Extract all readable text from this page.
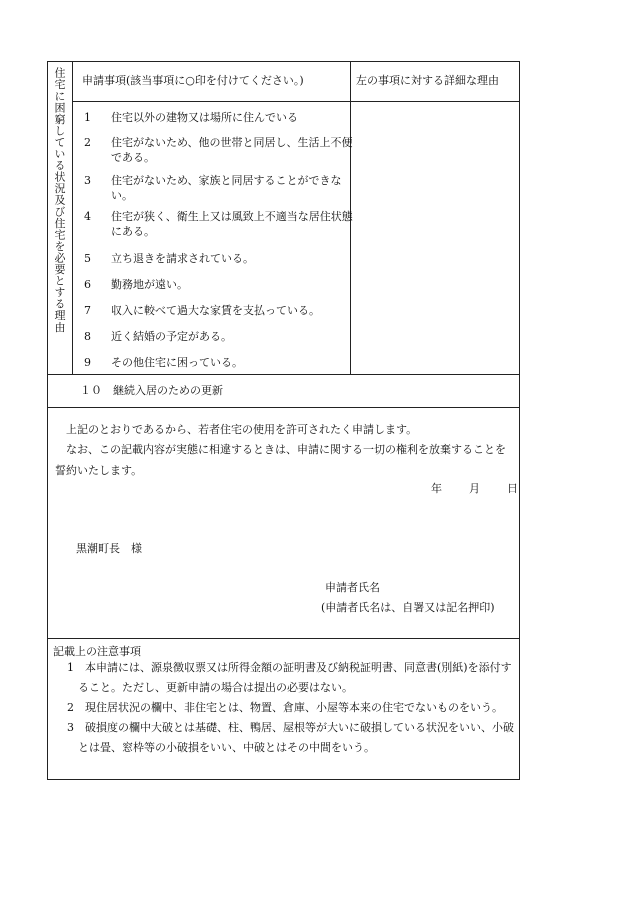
住宅に困窮している状況及び住宅を必要とする理由	申請事項(該当事項に○印を付けてください。)	左の事項に対する詳細な理由
1 住宅以外の建物又は場所に住んでいる
2 住宅がないため、他の世帯と同居し、生活上不便である。
3 住宅がないため、家族と同居することができない。
4 住宅が狭く、衛生上又は風致上不適当な居住状態にある。
5 立ち退きを請求されている。
6 勤務地が遠い。
7 収入に較べて過大な家賃を支払っている。
8 近く結婚の予定がある。
9 その他住宅に困っている。
１０　継続入居のための更新
上記のとおりであるから、若者住宅の使用を許可されたく申請します。
なお、この記載内容が実態に相違するときは、申請に関する一切の権利を放棄することを誓約いたします。
年 月 日
黒潮町長　様
申請者氏名
(申請者氏名は、自署又は記名押印)
記載上の注意事項

1　本申請には、源泉徴収票又は所得金額の証明書及び納税証明書、同意書(別紙)を添付すること。ただし、更新申請の場合は提出の必要はない。

2　現住居状況の欄中、非住宅とは、物置、倉庫、小屋等本来の住宅でないものをいう。

3　破損度の欄中大破とは基礎、柱、鴨居、屋根等が大いに破損している状況をいい、小破とは畳、窓枠等の小破損をいい、中破とはその中間をいう。
